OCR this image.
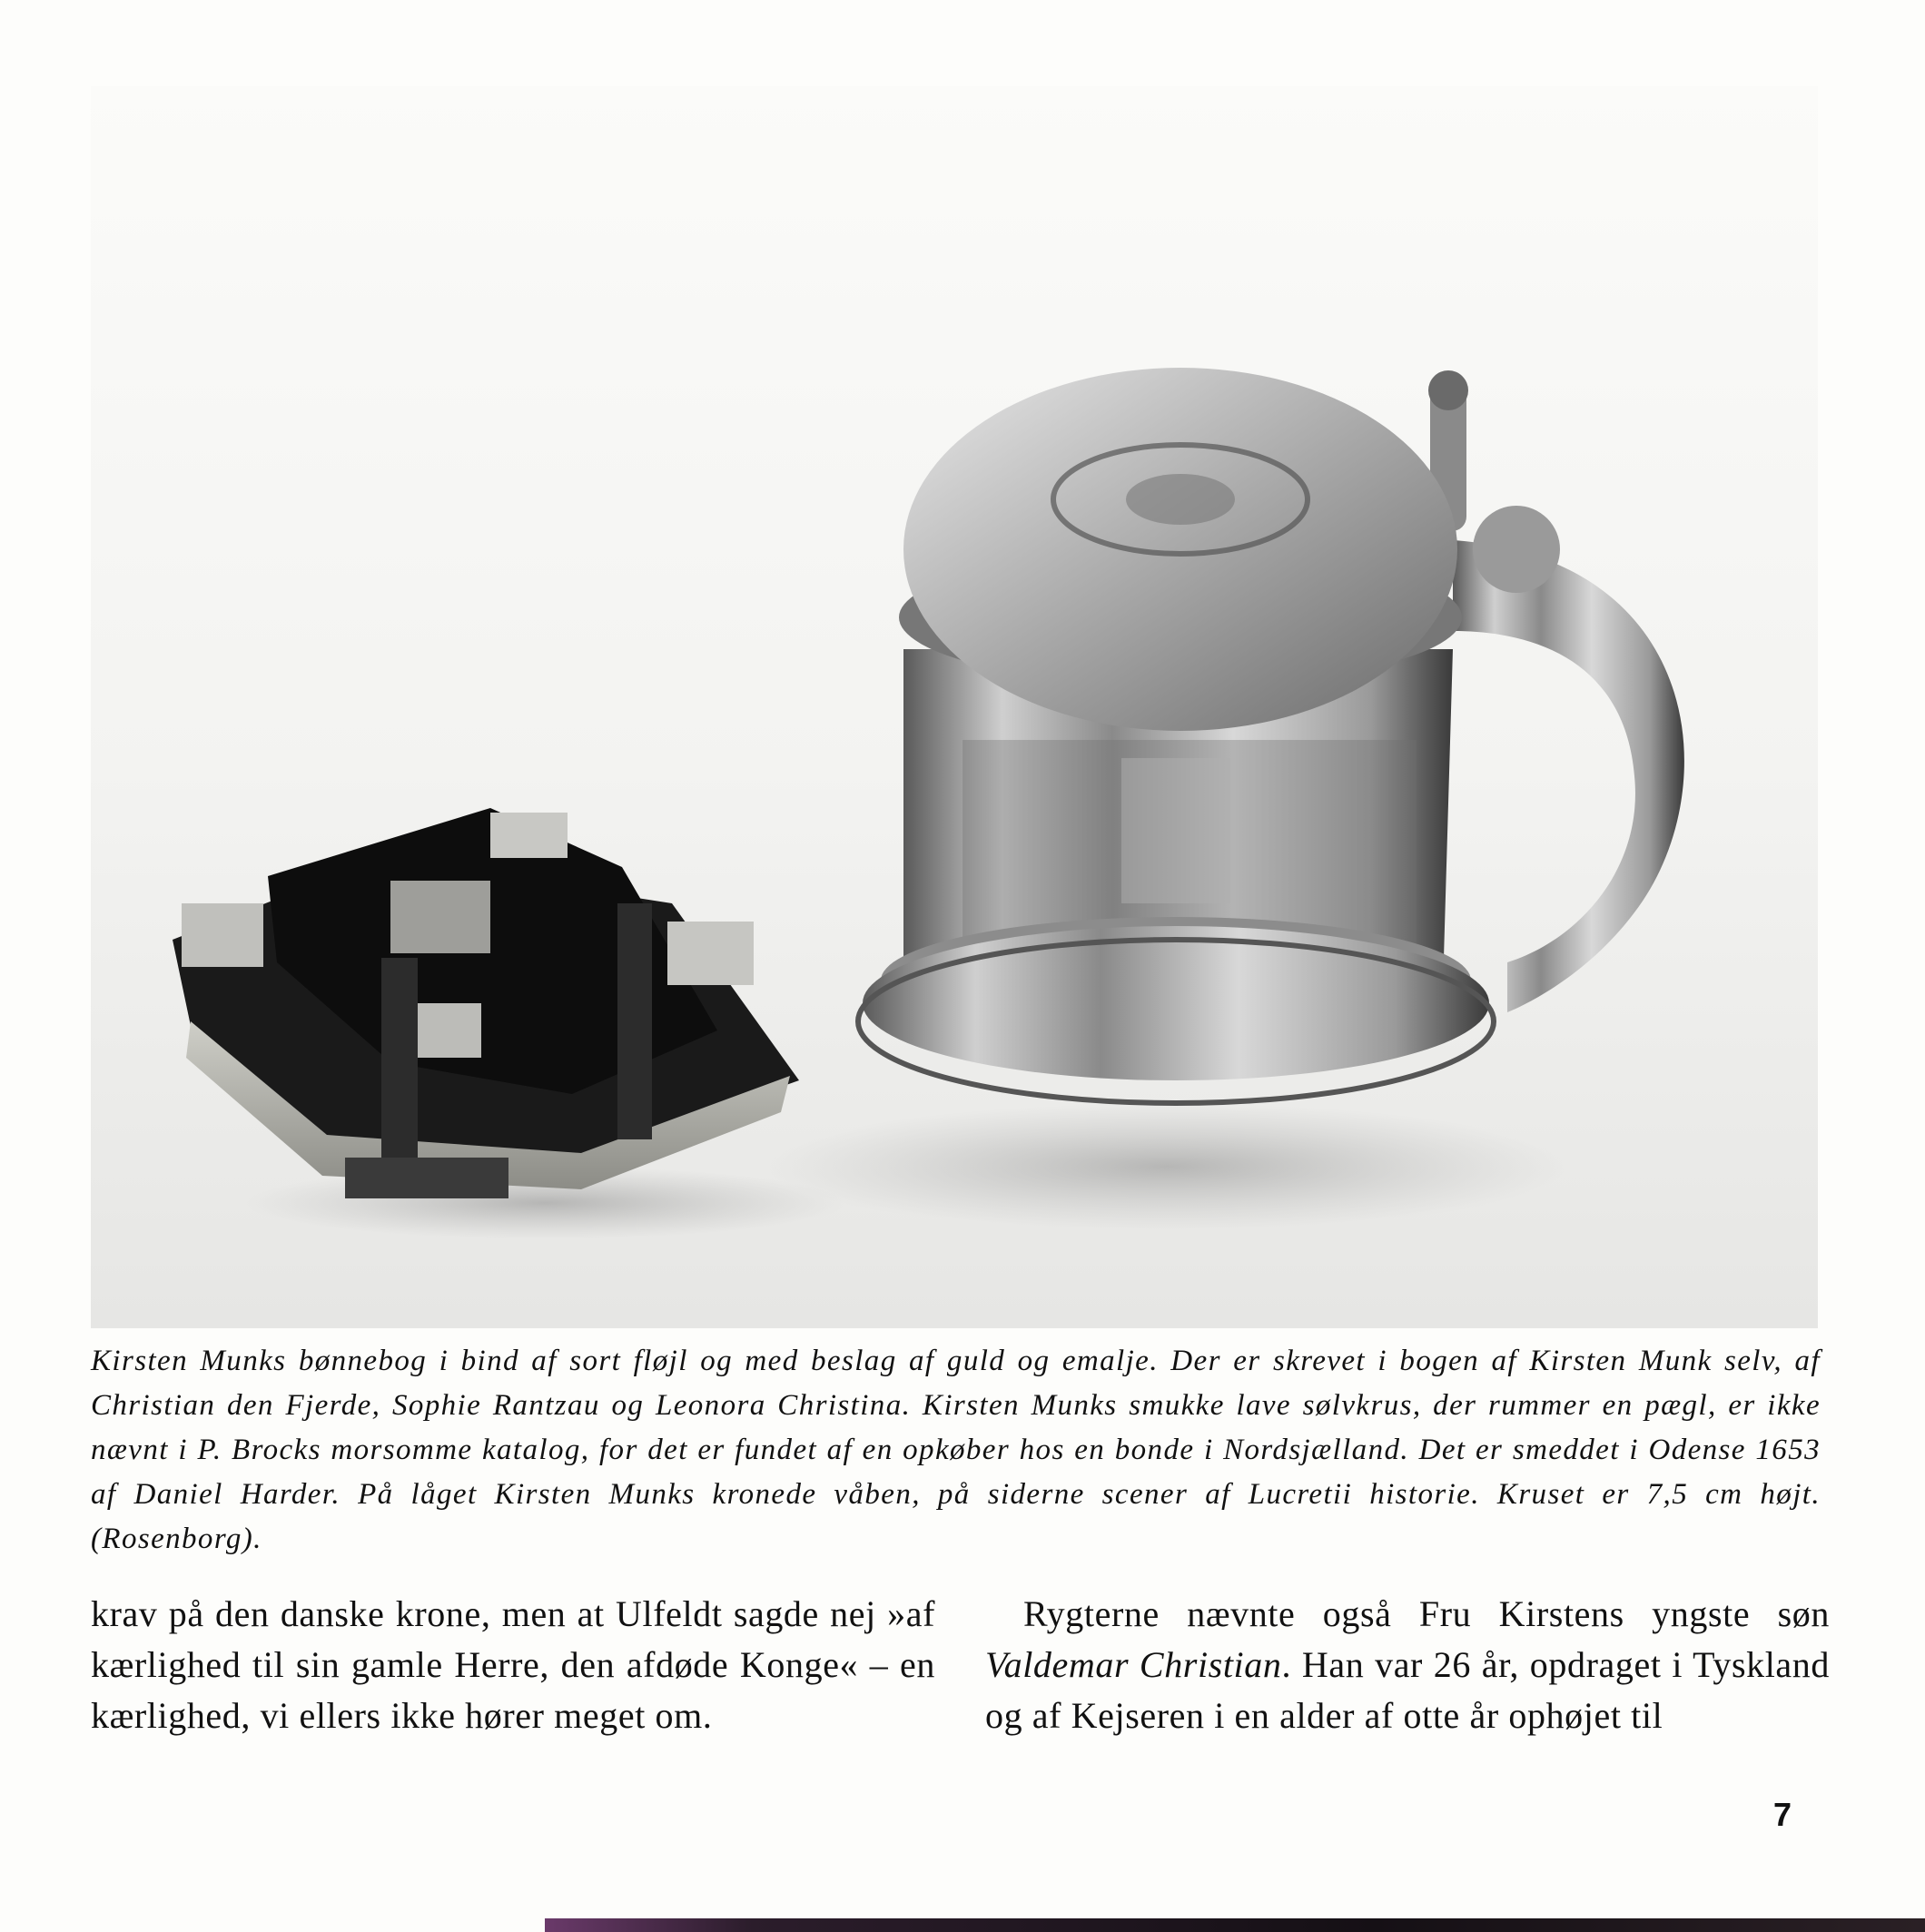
Kirsten Munks bønnebog i bind af sort fløjl og med beslag af guld og emalje. Der er skrevet i bogen af Kirsten Munk selv, af Christian den Fjerde, Sophie Rantzau og Leonora Christina. Kirsten Munks smukke lave sølvkrus, der rummer en pægl, er ikke nævnt i P. Brocks morsomme katalog, for det er fundet af en opkøber hos en bonde i Nordsjælland. Det er smeddet i Odense 1653 af Daniel Harder. På låget Kirsten Munks kronede våben, på siderne scener af Lucretii historie. Kruset er 7,5 cm højt. (Rosenborg).

krav på den danske krone, men at Ulfeldt sagde nej »af kærlighed til sin gamle Herre, den afdøde Konge« – en kærlighed, vi ellers ikke hører meget om.

Rygterne nævnte også Fru Kirstens yngste søn Valdemar Christian. Han var 26 år, opdraget i Tyskland og af Kejseren i en alder af otte år ophøjet til

7
